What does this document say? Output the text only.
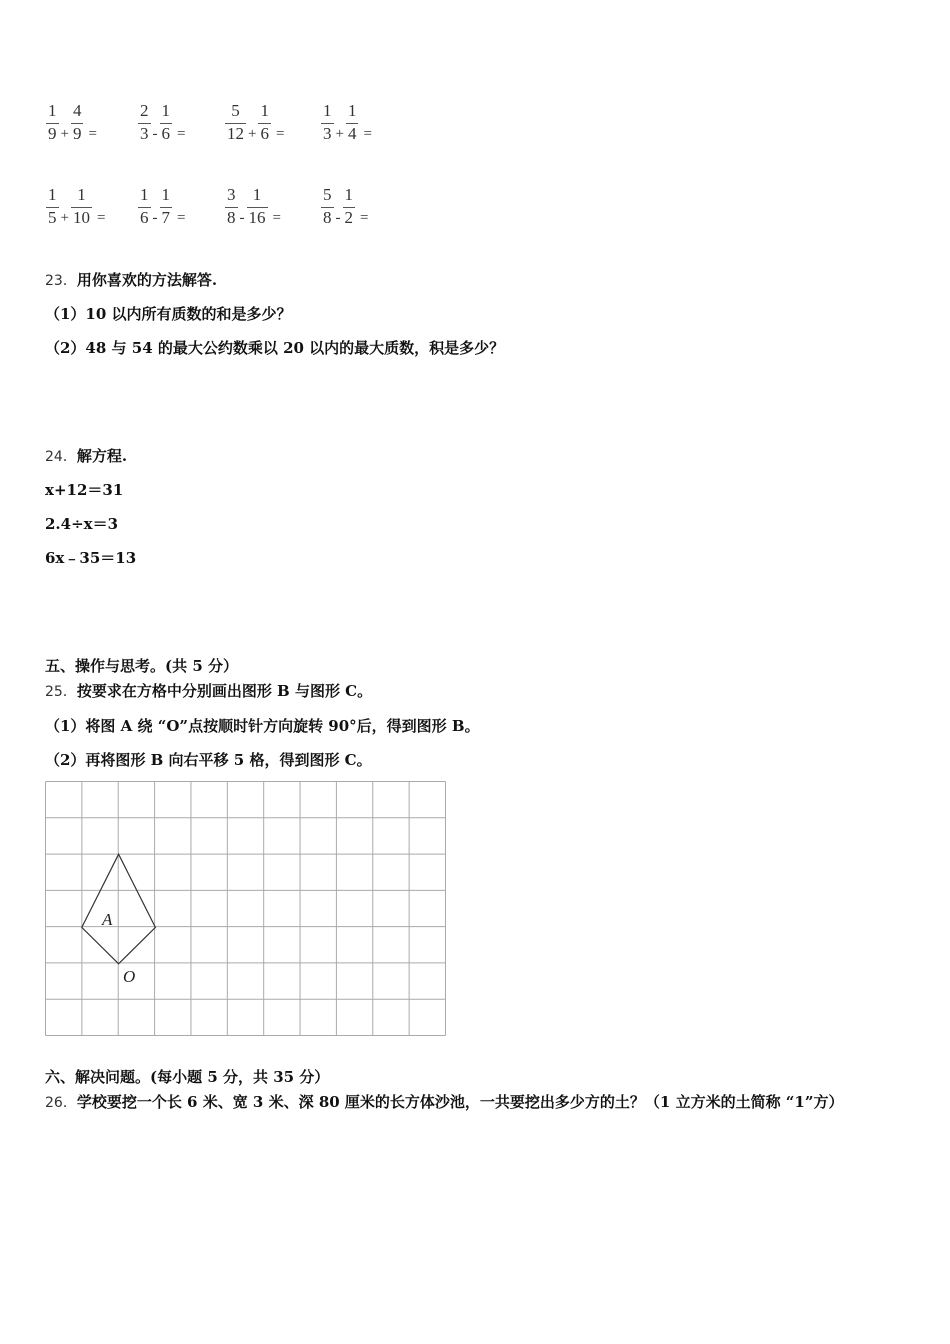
$\frac{1}{9} + \frac{4}{9} = \frac{2}{3} - \frac{1}{6} = \frac{5}{12} + \frac{1}{6} = \frac{1}{3} + \frac{1}{4}$ =
$\frac{1}{5} + \frac{1}{10} = \frac{1}{6} - \frac{1}{7} = \frac{3}{8} - \frac{1}{16} = \frac{5}{8} - \frac{1}{2}$ =
23．用你喜欢的方法解答.
（1）10 以内所有质数的和是多少？
（2）48 与 54 的最大公约数乘以 20 以内的最大质数，积是多少？
24．解方程.
x+12＝31
2.4÷x＝3
6x﹣35＝13
五、操作与思考。(共 5 分）
25．按要求在方格中分别画出图形 B 与图形 C。
（1）将图 A 绕 “O”点按顺时针方向旋转 90°后，得到图形 B。
（2）再将图形 B 向右平移 5 格，得到图形 C。
A
O
六、解决问题。(每小题 5 分，共 35 分）
26．学校要挖一个长 6 米、宽 3 米、深 80 厘米的长方体沙池，一共要挖出多少方的土？（1 立方米的土简称 “1”方）
